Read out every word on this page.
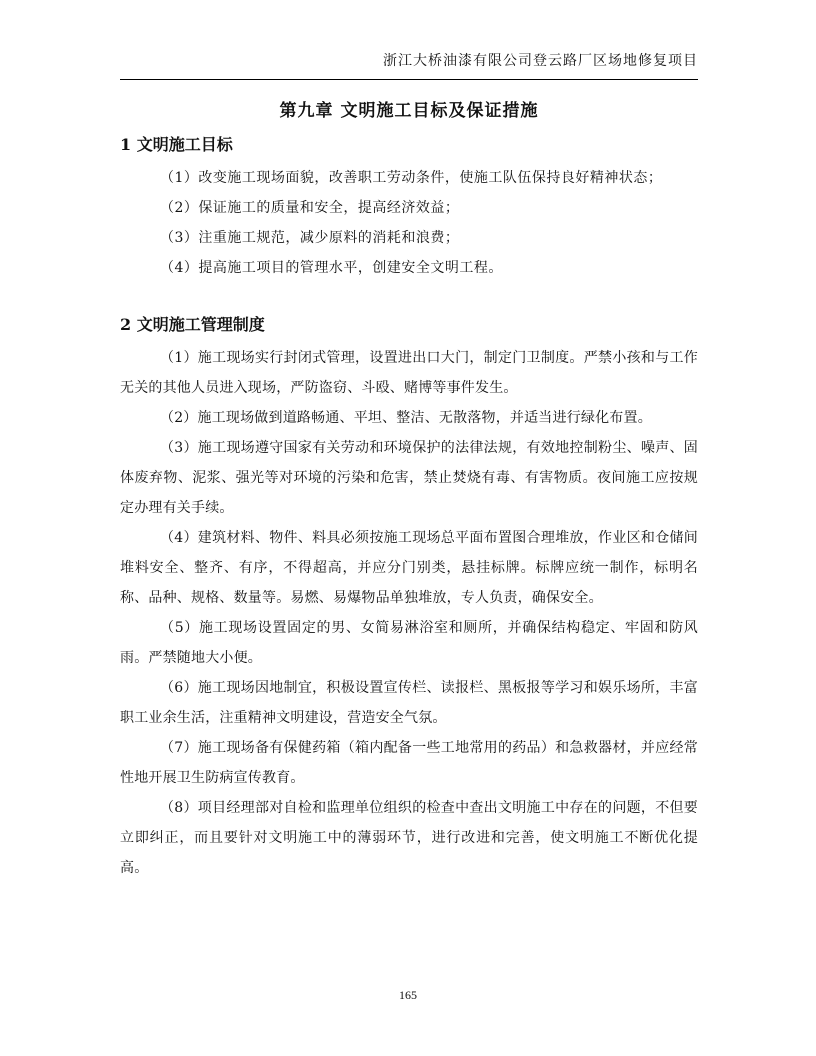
浙江大桥油漆有限公司登云路厂区场地修复项目
第九章 文明施工目标及保证措施
1 文明施工目标

（1）改变施工现场面貌，改善职工劳动条件，使施工队伍保持良好精神状态；

（2）保证施工的质量和安全，提高经济效益；

（3）注重施工规范，减少原料的消耗和浪费；

（4）提高施工项目的管理水平，创建安全文明工程。

2 文明施工管理制度

（1）施工现场实行封闭式管理，设置进出口大门，制定门卫制度。严禁小孩和与工作无关的其他人员进入现场，严防盗窃、斗殴、赌博等事件发生。

（2）施工现场做到道路畅通、平坦、整洁、无散落物，并适当进行绿化布置。

（3）施工现场遵守国家有关劳动和环境保护的法律法规，有效地控制粉尘、噪声、固体废弃物、泥浆、强光等对环境的污染和危害，禁止焚烧有毒、有害物质。夜间施工应按规定办理有关手续。

（4）建筑材料、物件、料具必须按施工现场总平面布置图合理堆放，作业区和仓储间堆料安全、整齐、有序，不得超高，并应分门别类，悬挂标牌。标牌应统一制作，标明名称、品种、规格、数量等。易燃、易爆物品单独堆放，专人负责，确保安全。

（5）施工现场设置固定的男、女简易淋浴室和厕所，并确保结构稳定、牢固和防风雨。严禁随地大小便。

（6）施工现场因地制宜，积极设置宣传栏、读报栏、黑板报等学习和娱乐场所，丰富职工业余生活，注重精神文明建设，营造安全气氛。

（7）施工现场备有保健药箱（箱内配备一些工地常用的药品）和急救器材，并应经常性地开展卫生防病宣传教育。

（8）项目经理部对自检和监理单位组织的检查中查出文明施工中存在的问题，不但要立即纠正，而且要针对文明施工中的薄弱环节，进行改进和完善，使文明施工不断优化提高。

165
